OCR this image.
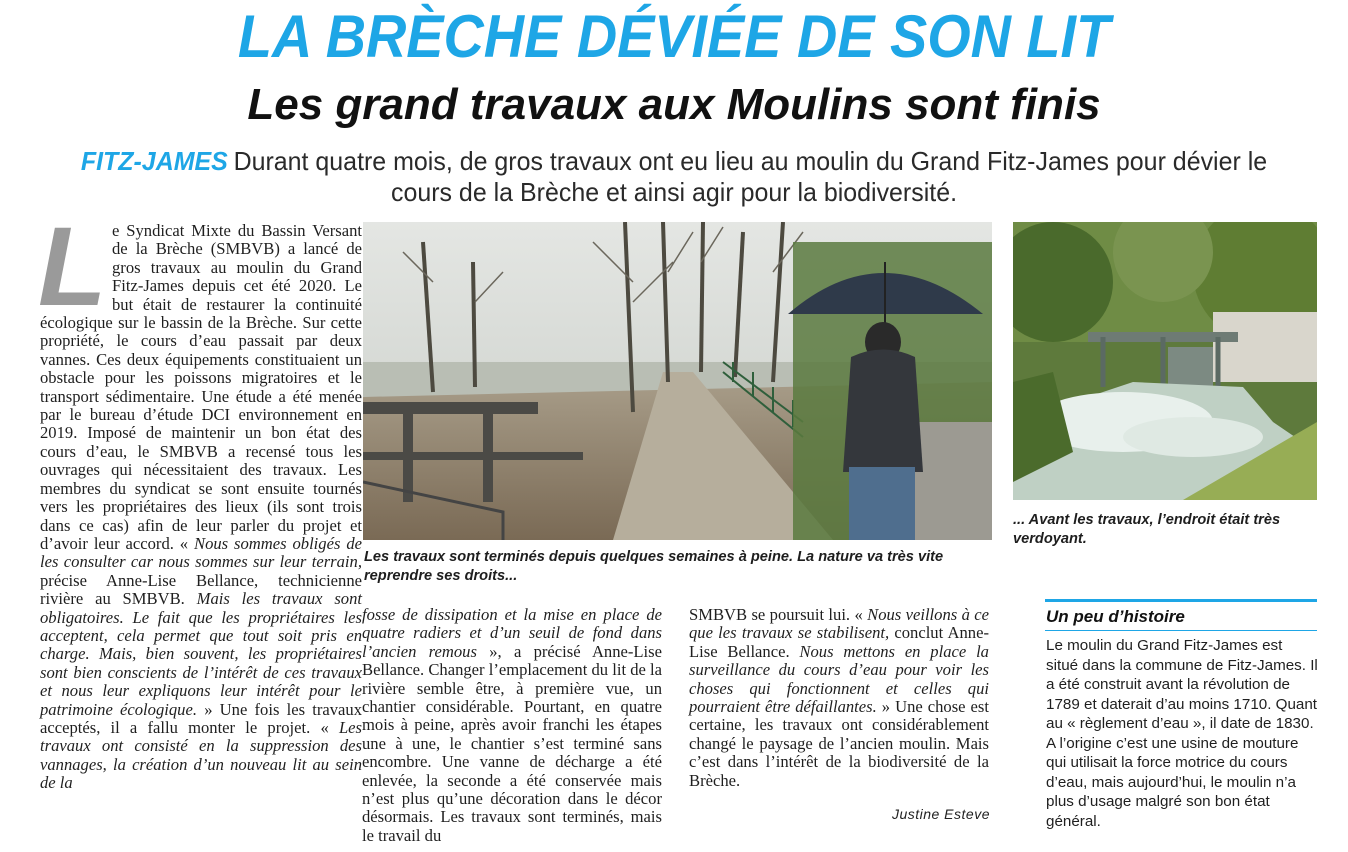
LA BRÈCHE DÉVIÉE DE SON LIT
Les grand travaux aux Moulins sont finis
FITZ-JAMES Durant quatre mois, de gros travaux ont eu lieu au moulin du Grand Fitz-James pour dévier le cours de la Brèche et ainsi agir pour la biodiversité.
L e Syndicat Mixte du Bassin Versant de la Brèche (SMBVB) a lancé de gros travaux au moulin du Grand Fitz-James depuis cet été 2020. Le but était de restaurer la continuité écologique sur le bassin de la Brèche. Sur cette propriété, le cours d’eau passait par deux vannes. Ces deux équipements constituaient un obstacle pour les poissons migratoires et le transport sédimentaire. Une étude a été menée par le bureau d’étude DCI environnement en 2019. Imposé de maintenir un bon état des cours d’eau, le SMBVB a recensé tous les ouvrages qui nécessitaient des travaux. Les membres du syndicat se sont ensuite tournés vers les propriétaires des lieux (ils sont trois dans ce cas) afin de leur parler du projet et d’avoir leur accord. « Nous sommes obligés de les consulter car nous sommes sur leur terrain, précise Anne-Lise Bellance, technicienne rivière au SMBVB. Mais les travaux sont obligatoires. Le fait que les propriétaires les acceptent, cela permet que tout soit pris en charge. Mais, bien souvent, les propriétaires sont bien conscients de l’intérêt de ces travaux et nous leur expliquons leur intérêt pour le patrimoine écologique. » Une fois les travaux acceptés, il a fallu monter le projet. « Les travaux ont consisté en la suppression des vannages, la création d’un nouveau lit au sein de la
Les travaux sont terminés depuis quelques semaines à peine. La nature va très vite reprendre ses droits...
... Avant les travaux, l’endroit était très verdoyant.
fosse de dissipation et la mise en place de quatre radiers et d’un seuil de fond dans l’ancien remous », a précisé Anne-Lise Bellance. Changer l’emplacement du lit de la rivière semble être, à première vue, un chantier considérable. Pourtant, en quatre mois à peine, après avoir franchi les étapes une à une, le chantier s’est terminé sans encombre. Une vanne de décharge a été enlevée, la seconde a été conservée mais n’est plus qu’une décoration dans le décor désormais. Les travaux sont terminés, mais le travail du
SMBVB se poursuit lui. « Nous veillons à ce que les travaux se stabilisent, conclut Anne-Lise Bellance. Nous mettons en place la surveillance du cours d’eau pour voir les choses qui fonctionnent et celles qui pourraient être défaillantes. » Une chose est certaine, les travaux ont considérablement changé le paysage de l’ancien moulin. Mais c’est dans l’intérêt de la biodiversité de la Brèche.
Justine Esteve
Un peu d’histoire
Le moulin du Grand Fitz-James est situé dans la commune de Fitz-James. Il a été construit avant la révolution de 1789 et daterait d’au moins 1710. Quant au « règlement d’eau », il date de 1830. A l’origine c’est une usine de mouture qui utilisait la force motrice du cours d’eau, mais aujourd’hui, le moulin n’a plus d’usage malgré son bon état général.
